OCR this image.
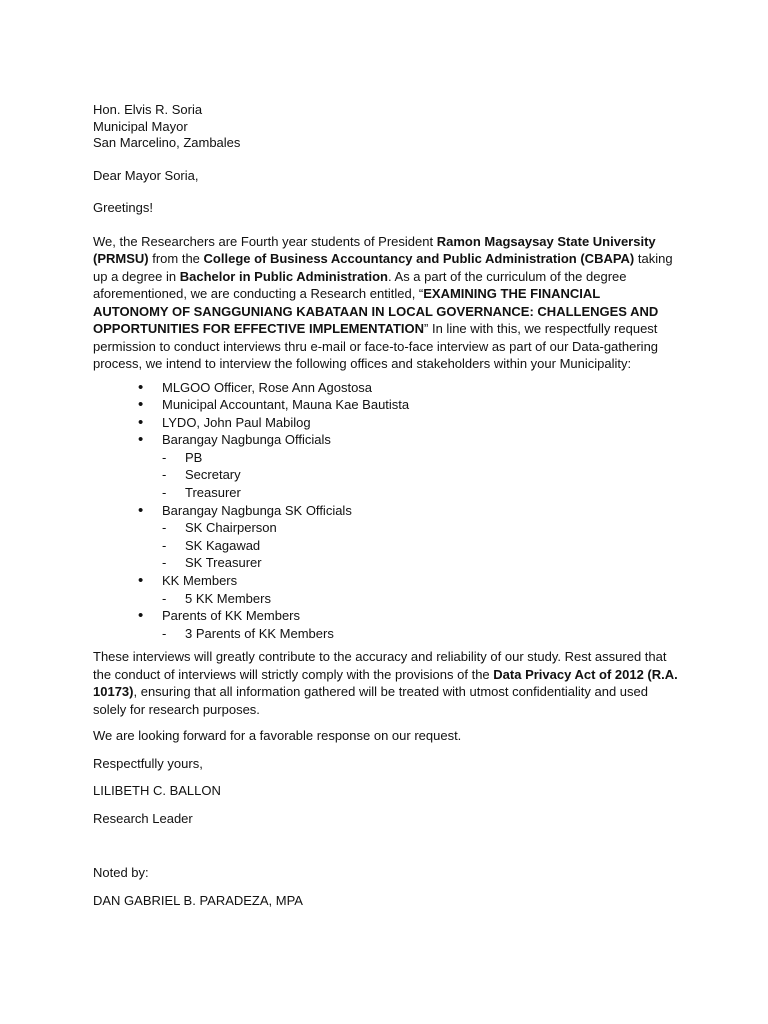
Hon. Elvis R. Soria
Municipal Mayor
San Marcelino, Zambales
Dear Mayor Soria,
Greetings!

We, the Researchers are Fourth year students of President Ramon Magsaysay State University (PRMSU) from the College of Business Accountancy and Public Administration (CBAPA) taking up a degree in Bachelor in Public Administration. As a part of the curriculum of the degree aforementioned, we are conducting a Research entitled, “EXAMINING THE FINANCIAL AUTONOMY OF SANGGUNIANG KABATAAN IN LOCAL GOVERNANCE: CHALLENGES AND OPPORTUNITIES FOR EFFECTIVE IMPLEMENTATION” In line with this, we respectfully request permission to conduct interviews thru e-mail or face-to-face interview as part of our Data-gathering process, we intend to interview the following offices and stakeholders within your Municipality:

• MLGOO Officer, Rose Ann Agostosa
• Municipal Accountant, Mauna Kae Bautista
• LYDO, John Paul Mabilog
• Barangay Nagbunga Officials
- PB
- Secretary
- Treasurer
• Barangay Nagbunga SK Officials
- SK Chairperson
- SK Kagawad
- SK Treasurer
• KK Members
- 5 KK Members
• Parents of KK Members
- 3 Parents of KK Members

These interviews will greatly contribute to the accuracy and reliability of our study. Rest assured that the conduct of interviews will strictly comply with the provisions of the Data Privacy Act of 2012 (R.A. 10173), ensuring that all information gathered will be treated with utmost confidentiality and used solely for research purposes.

We are looking forward for a favorable response on our request.
Respectfully yours,
LILIBETH C. BALLON
Research Leader
Noted by:
DAN GABRIEL B. PARADEZA, MPA
